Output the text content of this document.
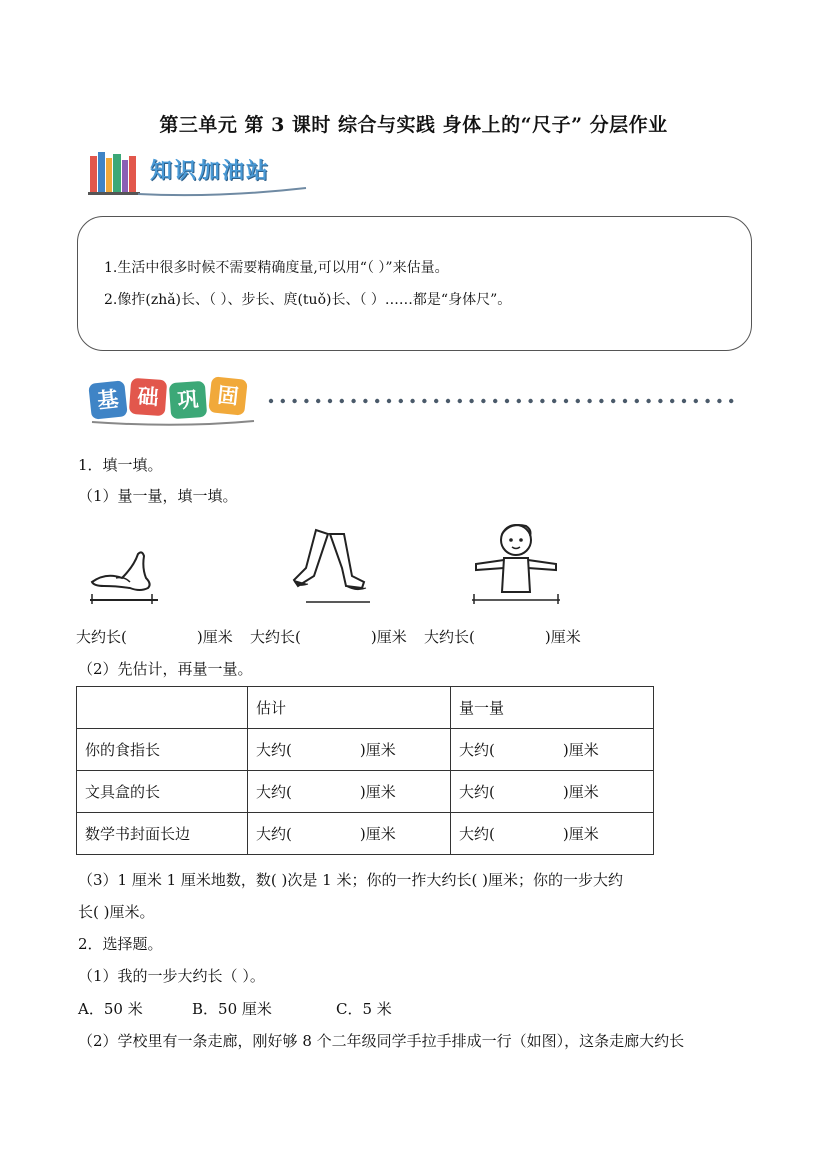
第三单元 第 3 课时 综合与实践 身体上的“尺子” 分层作业
知识加油站
1.生活中很多时候不需要精确度量,可以用“（ ）”来估量。
2.像拃(zhǎ)长、（ ）、步长、庹(tuǒ)长、（ ）……都是“身体尺”。
基 础 巩 固
1．填一填。
（1）量一量，填一填。
大约长(	)厘米 大约长(	)厘米 大约长(	)厘米
（2）先估计，再量一量。
	估计	量一量
你的食指长	大约( )厘米	大约( )厘米
文具盒的长	大约( )厘米	大约( )厘米
数学书封面长边	大约( )厘米	大约( )厘米
（3）1 厘米 1 厘米地数，数( )次是 1 米；你的一拃大约长( )厘米；你的一步大约
长( )厘米。
2．选择题。
（1）我的一步大约长（ ）。
A．50 米	B．50 厘米	C．5 米
（2）学校里有一条走廊，刚好够 8 个二年级同学手拉手排成一行（如图），这条走廊大约长
